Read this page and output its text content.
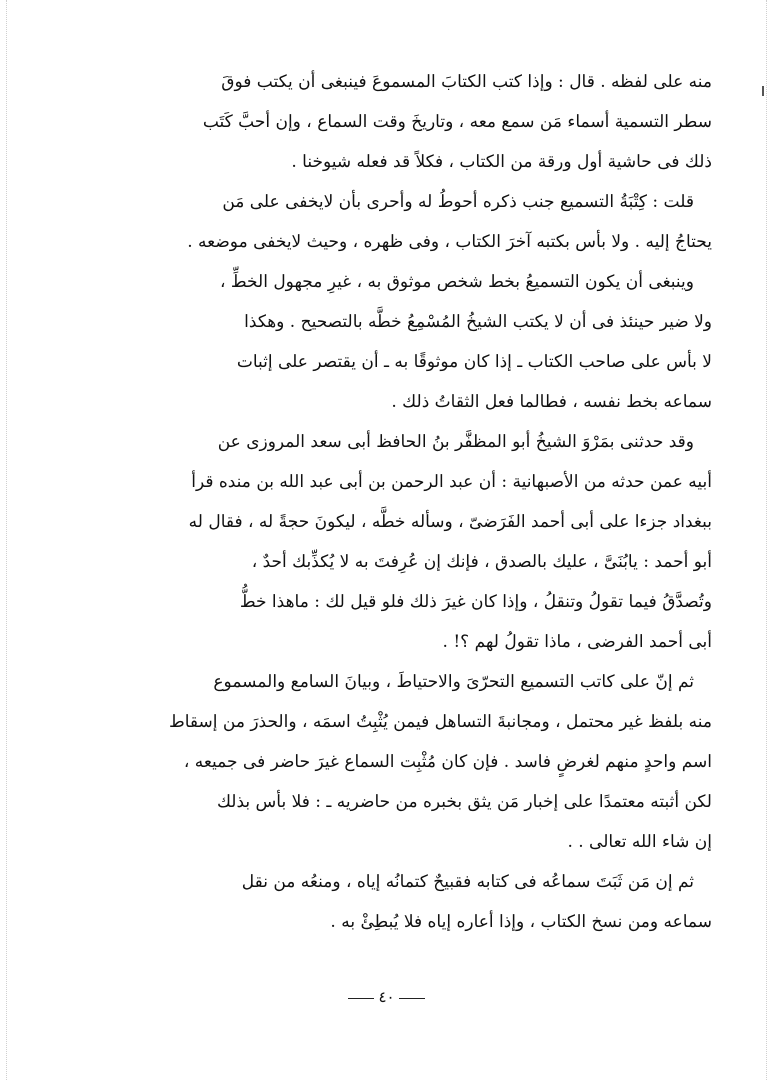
منه على لفظه . قال : وإذا كتب الكتابَ المسموعَ فينبغى أن يكتب فوقَ
سطر التسمية أسماء مَن سمع معه ، وتاريخَ وقت السماع ، وإن أحبَّ كَتَب
ذلك فى حاشية أول ورقة من الكتاب ، فكلاً قد فعله شيوخنا .
قلت : كِتْبَةُ التسميع جنب ذكره أحوطُ له وأحرى بأن لايخفى على مَن
يحتاجُ إليه . ولا بأس بكتبه آخرَ الكتاب ، وفى ظهره ، وحيث لايخفى موضعه .
وينبغى أن يكون التسميعُ بخط شخص موثوق به ، غيرِ مجهول الخطِّ ،
ولا ضير حينئذ فى أن لا يكتب الشيخُ المُسْمِعُ خطَّه بالتصحيح . وهكذا
لا بأس على صاحب الكتاب ـ إذا كان موثوقًا به ـ أن يقتصر على إثبات
سماعه بخط نفسه ، فطالما فعل الثقاتُ ذلك .
وقد حدثنى بمَرْوَ الشيخُ أبو المظفَّر بنُ الحافظ أبى سعد المروزى عن
أبيه عمن حدثه من الأصبهانية : أن عبد الرحمن بن أبى عبد الله بن منده قرأ
ببغداد جزءا على أبى أحمد الفَرَضىّ ، وسأله خطَّه ، ليكونَ حجةً له ، فقال له
أبو أحمد : يابُنَىَّ ، عليك بالصدق ، فإنك إن عُرِفتَ به لا يُكذِّبك أحدٌ ،
وتُصدَّقُ فيما تقولُ وتنقلُ ، وإذا كان غيرَ ذلك فلو قيل لك : ماهذا خطُّ
أبى أحمد الفرضى ، ماذا تقولُ لهم ؟! .
ثم إنّ على كاتب التسميع التحرّىَ والاحتياطَ ، وبيانَ السامع والمسموع
منه بلفظ غير محتمل ، ومجانبةَ التساهل فيمن يُثْبِتُ اسمَه ، والحذرَ من إسقاط
اسم واحدٍ منهم لغرضٍ فاسد . فإن كان مُثْبِت السماع غيرَ حاضر فى جميعه ،
لكن أثبته معتمدًا على إخبار مَن يثق بخبره من حاضريه ـ : فلا بأس بذلك
إن شاء الله تعالى . .
ثم إن مَن ثَبَتَ سماعُه فى كتابه فقبيحٌ كتمانُه إياه ، ومنعُه من نقل
سماعه ومن نسخ الكتاب ، وإذا أعاره إياه فلا يُبطِئْ به .
٤٠
